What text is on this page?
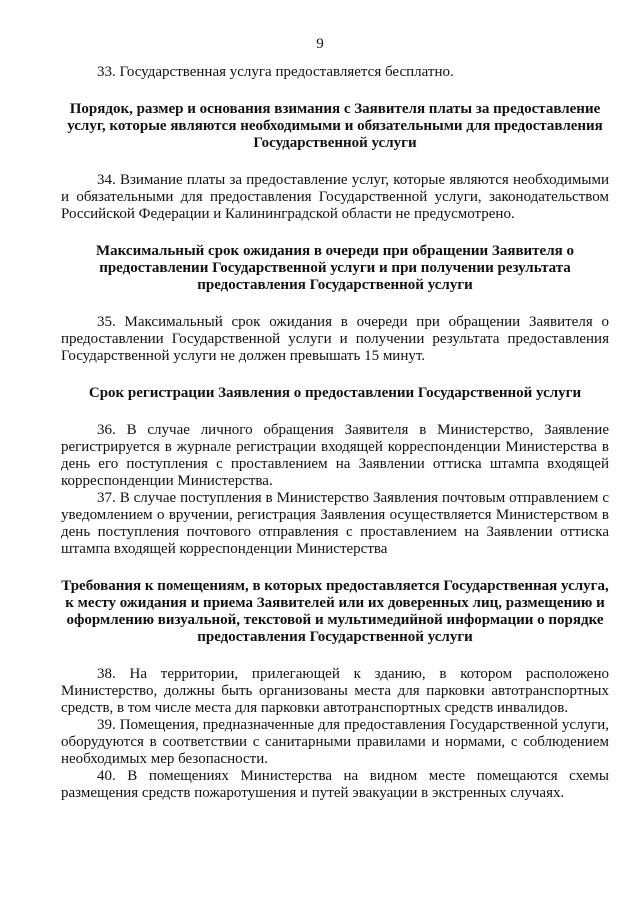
9

33. Государственная услуга предоставляется бесплатно.

Порядок, размер и основания взимания с Заявителя платы за предоставление услуг, которые являются необходимыми и обязательными для предоставления Государственной услуги

34. Взимание платы за предоставление услуг, которые являются необходимыми и обязательными для предоставления Государственной услуги, законодательством Российской Федерации и Калининградской области не предусмотрено.

Максимальный срок ожидания в очереди при обращении Заявителя о предоставлении Государственной услуги и при получении результата предоставления Государственной услуги

35. Максимальный срок ожидания в очереди при обращении Заявителя о предоставлении Государственной услуги и получении результата предоставления Государственной услуги не должен превышать 15 минут.

Срок регистрации Заявления о предоставлении Государственной услуги

36. В случае личного обращения Заявителя в Министерство, Заявление регистрируется в журнале регистрации входящей корреспонденции Министерства в день его поступления с проставлением на Заявлении оттиска штампа входящей корреспонденции Министерства.

37. В случае поступления в Министерство Заявления почтовым отправлением с уведомлением о вручении, регистрация Заявления осуществляется Министерством в день поступления почтового отправления с проставлением на Заявлении оттиска штампа входящей корреспонденции Министерства

Требования к помещениям, в которых предоставляется Государственная услуга, к месту ожидания и приема Заявителей или их доверенных лиц, размещению и оформлению визуальной, текстовой и мультимедийной информации о порядке предоставления Государственной услуги

38. На территории, прилегающей к зданию, в котором расположено Министерство, должны быть организованы места для парковки автотранспортных средств, в том числе места для парковки автотранспортных средств инвалидов.

39. Помещения, предназначенные для предоставления Государственной услуги, оборудуются в соответствии с санитарными правилами и нормами, с соблюдением необходимых мер безопасности.

40. В помещениях Министерства на видном месте помещаются схемы размещения средств пожаротушения и путей эвакуации в экстренных случаях.
